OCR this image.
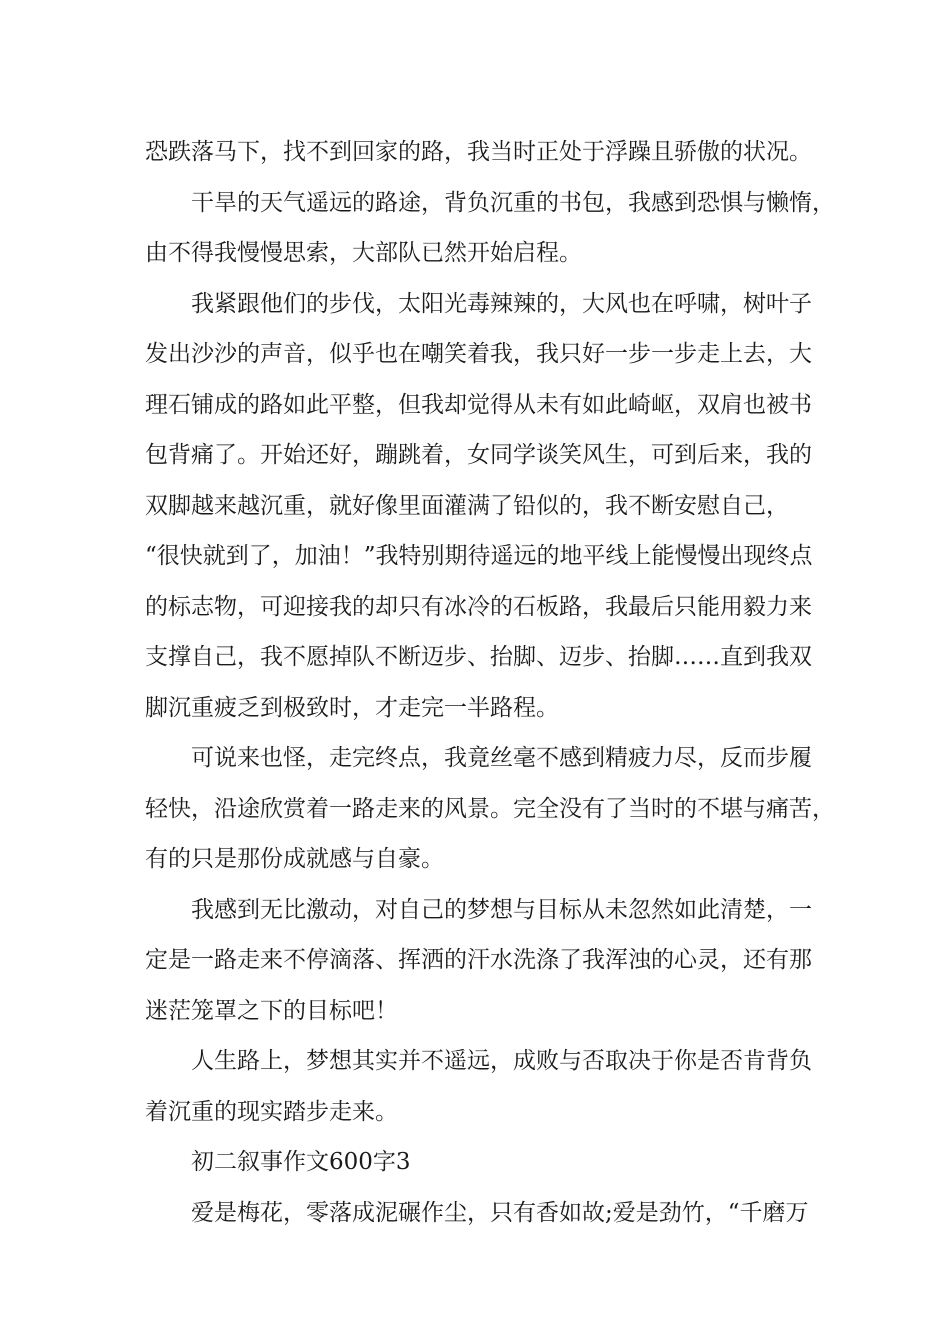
恐跌落马下，找不到回家的路，我当时正处于浮躁且骄傲的状况。
干旱的天气遥远的路途，背负沉重的书包，我感到恐惧与懒惰，
由不得我慢慢思索，大部队已然开始启程。
我紧跟他们的步伐，太阳光毒辣辣的，大风也在呼啸，树叶子
发出沙沙的声音，似乎也在嘲笑着我，我只好一步一步走上去，大
理石铺成的路如此平整，但我却觉得从未有如此崎岖，双肩也被书
包背痛了。开始还好，蹦跳着，女同学谈笑风生，可到后来，我的
双脚越来越沉重，就好像里面灌满了铅似的，我不断安慰自己，
“很快就到了，加油！”我特别期待遥远的地平线上能慢慢出现终点
的标志物，可迎接我的却只有冰冷的石板路，我最后只能用毅力来
支撑自己，我不愿掉队不断迈步、抬脚、迈步、抬脚……直到我双
脚沉重疲乏到极致时，才走完一半路程。
可说来也怪，走完终点，我竟丝毫不感到精疲力尽，反而步履
轻快，沿途欣赏着一路走来的风景。完全没有了当时的不堪与痛苦，
有的只是那份成就感与自豪。
我感到无比激动，对自己的梦想与目标从未忽然如此清楚，一
定是一路走来不停滴落、挥洒的汗水洗涤了我浑浊的心灵，还有那
迷茫笼罩之下的目标吧！
人生路上，梦想其实并不遥远，成败与否取决于你是否肯背负
着沉重的现实踏步走来。
初二叙事作文600字3
爱是梅花，零落成泥碾作尘，只有香如故;爱是劲竹，“千磨万
